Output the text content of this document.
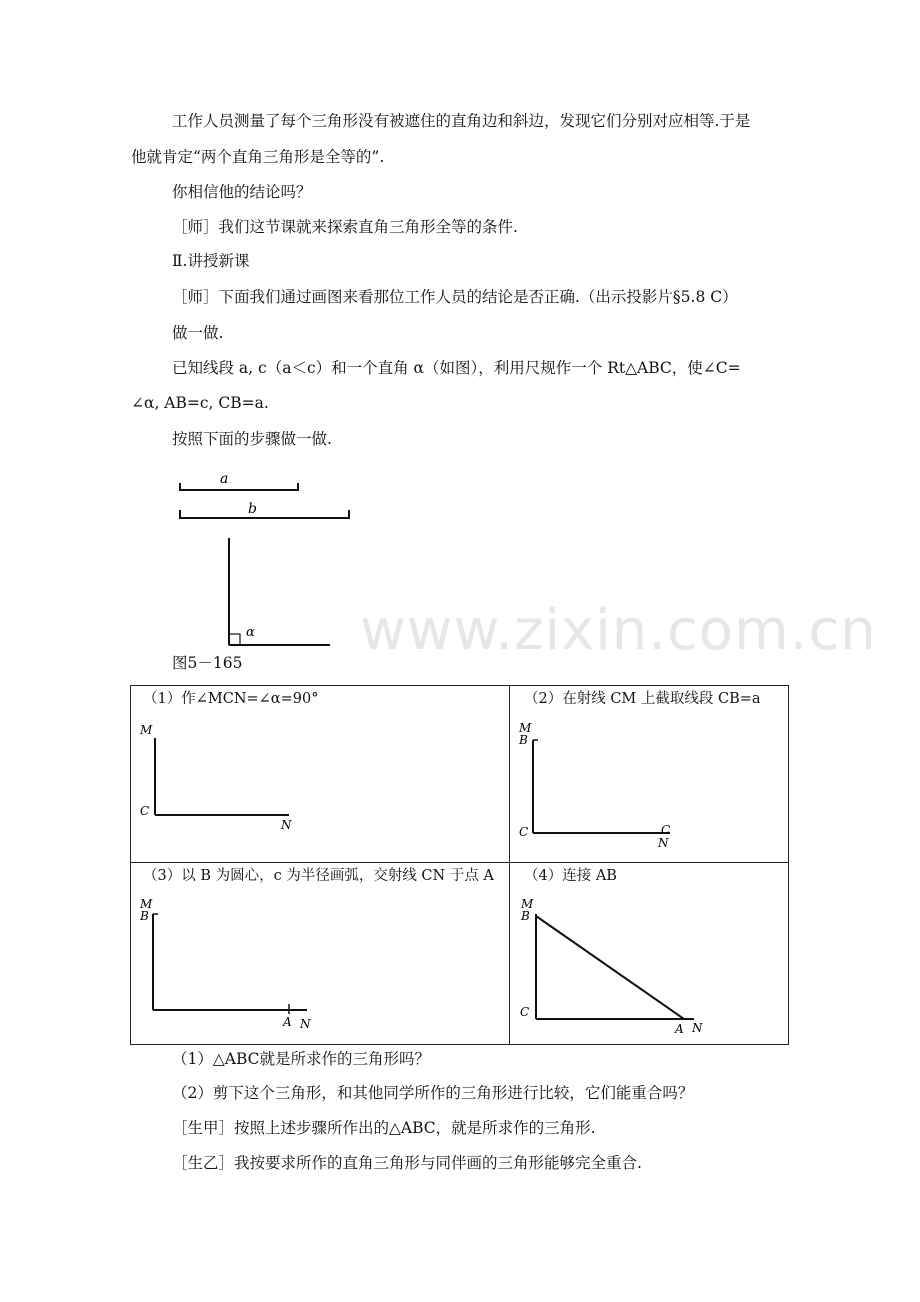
www.zixin.com.cn
工作人员测量了每个三角形没有被遮住的直角边和斜边，发现它们分别对应相等.于是
他就肯定“两个直角三角形是全等的”.
你相信他的结论吗？
［师］我们这节课就来探索直角三角形全等的条件.
Ⅱ.讲授新课
［师］下面我们通过画图来看那位工作人员的结论是否正确.（出示投影片§5.8 C）
做一做.
已知线段 a, c（a＜c）和一个直角 α（如图），利用尺规作一个 Rt△ABC，使∠C=
∠α, AB=c, CB=a.
按照下面的步骤做一做.
a
b
α
图5－165
（1）作∠MCN=∠α=90°
M
C
N
（2）在射线 CM 上截取线段 CB=a
M
B
C	C
N
（3）以 B 为圆心，c 为半径画弧，交射线 CN 于点 A
M
B
A N
（4）连接 AB
M
B
C
A N
（1）△ABC就是所求作的三角形吗？
（2）剪下这个三角形，和其他同学所作的三角形进行比较，它们能重合吗？
［生甲］按照上述步骤所作出的△ABC，就是所求作的三角形.
［生乙］我按要求所作的直角三角形与同伴画的三角形能够完全重合.
